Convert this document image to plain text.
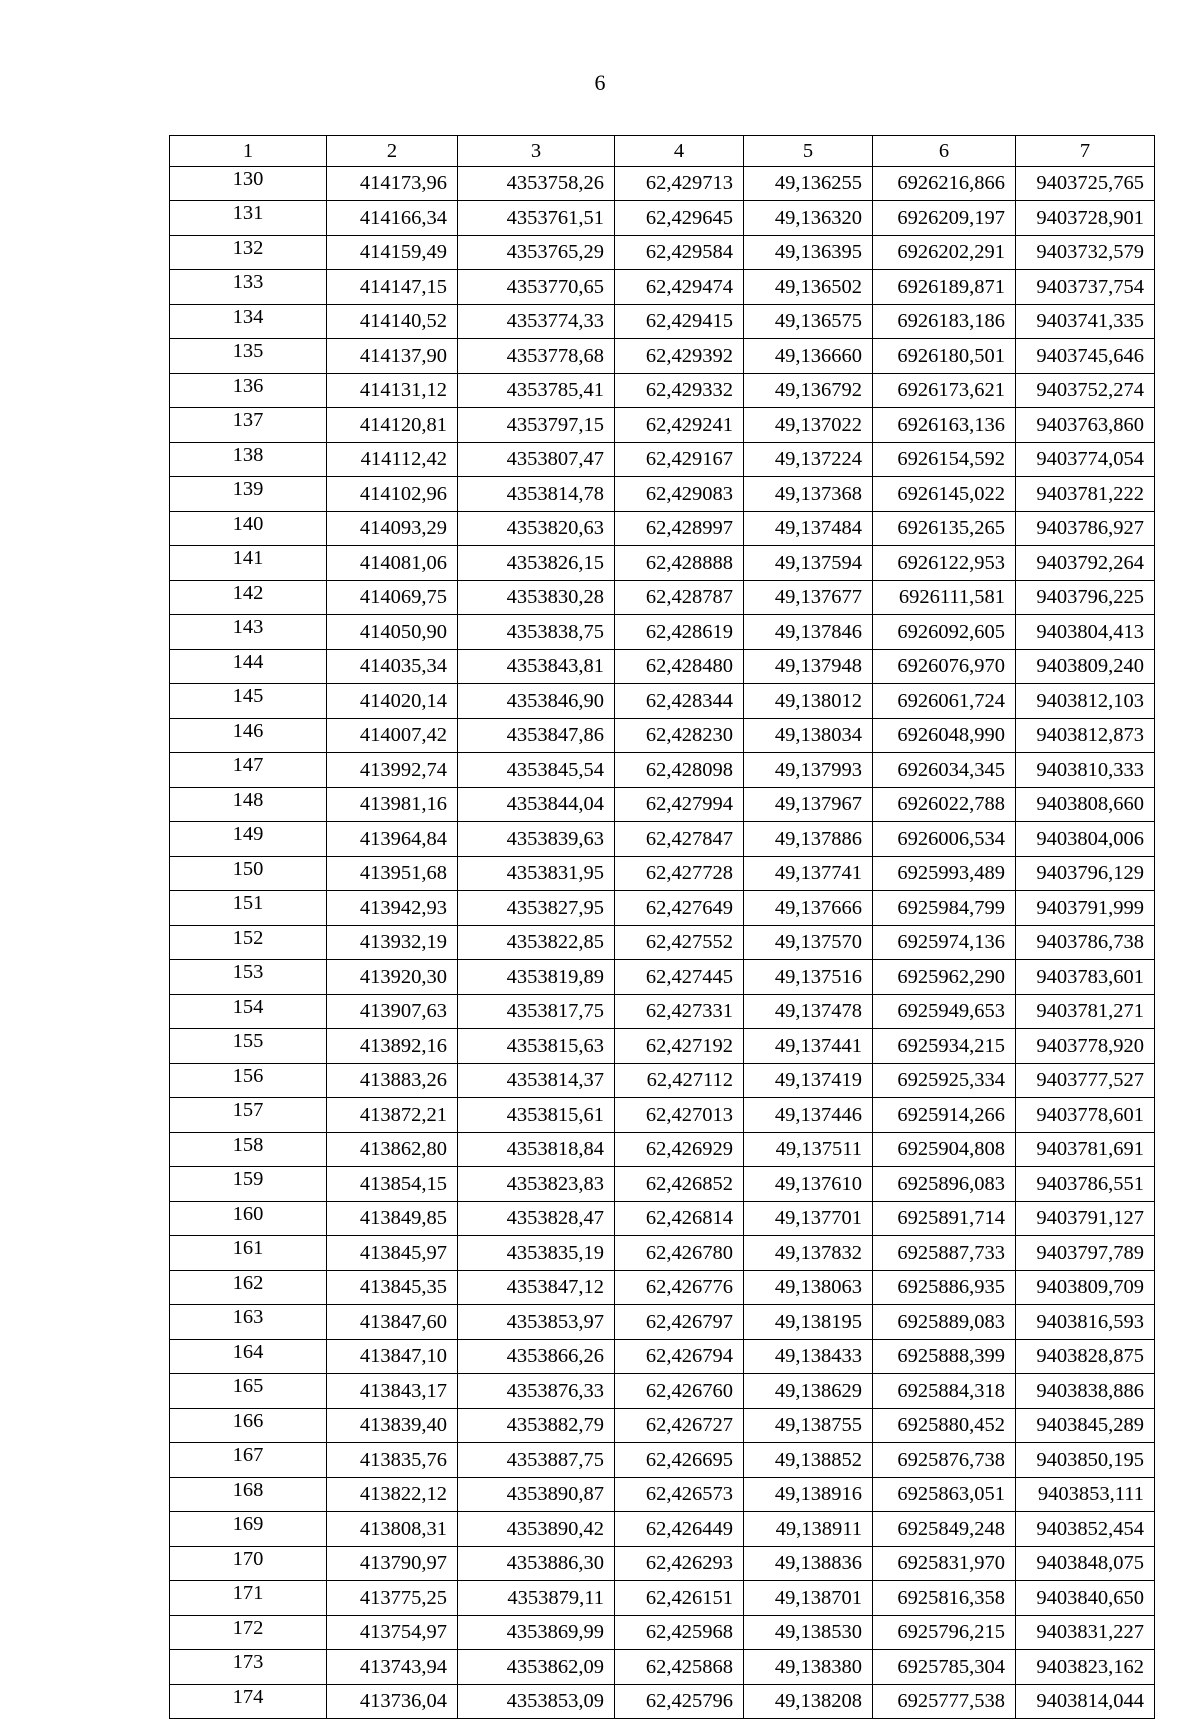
6
1	2	3	4	5	6	7
130	414173,96	4353758,26	62,429713	49,136255	6926216,866	9403725,765
131	414166,34	4353761,51	62,429645	49,136320	6926209,197	9403728,901
132	414159,49	4353765,29	62,429584	49,136395	6926202,291	9403732,579
133	414147,15	4353770,65	62,429474	49,136502	6926189,871	9403737,754
134	414140,52	4353774,33	62,429415	49,136575	6926183,186	9403741,335
135	414137,90	4353778,68	62,429392	49,136660	6926180,501	9403745,646
136	414131,12	4353785,41	62,429332	49,136792	6926173,621	9403752,274
137	414120,81	4353797,15	62,429241	49,137022	6926163,136	9403763,860
138	414112,42	4353807,47	62,429167	49,137224	6926154,592	9403774,054
139	414102,96	4353814,78	62,429083	49,137368	6926145,022	9403781,222
140	414093,29	4353820,63	62,428997	49,137484	6926135,265	9403786,927
141	414081,06	4353826,15	62,428888	49,137594	6926122,953	9403792,264
142	414069,75	4353830,28	62,428787	49,137677	6926111,581	9403796,225
143	414050,90	4353838,75	62,428619	49,137846	6926092,605	9403804,413
144	414035,34	4353843,81	62,428480	49,137948	6926076,970	9403809,240
145	414020,14	4353846,90	62,428344	49,138012	6926061,724	9403812,103
146	414007,42	4353847,86	62,428230	49,138034	6926048,990	9403812,873
147	413992,74	4353845,54	62,428098	49,137993	6926034,345	9403810,333
148	413981,16	4353844,04	62,427994	49,137967	6926022,788	9403808,660
149	413964,84	4353839,63	62,427847	49,137886	6926006,534	9403804,006
150	413951,68	4353831,95	62,427728	49,137741	6925993,489	9403796,129
151	413942,93	4353827,95	62,427649	49,137666	6925984,799	9403791,999
152	413932,19	4353822,85	62,427552	49,137570	6925974,136	9403786,738
153	413920,30	4353819,89	62,427445	49,137516	6925962,290	9403783,601
154	413907,63	4353817,75	62,427331	49,137478	6925949,653	9403781,271
155	413892,16	4353815,63	62,427192	49,137441	6925934,215	9403778,920
156	413883,26	4353814,37	62,427112	49,137419	6925925,334	9403777,527
157	413872,21	4353815,61	62,427013	49,137446	6925914,266	9403778,601
158	413862,80	4353818,84	62,426929	49,137511	6925904,808	9403781,691
159	413854,15	4353823,83	62,426852	49,137610	6925896,083	9403786,551
160	413849,85	4353828,47	62,426814	49,137701	6925891,714	9403791,127
161	413845,97	4353835,19	62,426780	49,137832	6925887,733	9403797,789
162	413845,35	4353847,12	62,426776	49,138063	6925886,935	9403809,709
163	413847,60	4353853,97	62,426797	49,138195	6925889,083	9403816,593
164	413847,10	4353866,26	62,426794	49,138433	6925888,399	9403828,875
165	413843,17	4353876,33	62,426760	49,138629	6925884,318	9403838,886
166	413839,40	4353882,79	62,426727	49,138755	6925880,452	9403845,289
167	413835,76	4353887,75	62,426695	49,138852	6925876,738	9403850,195
168	413822,12	4353890,87	62,426573	49,138916	6925863,051	9403853,111
169	413808,31	4353890,42	62,426449	49,138911	6925849,248	9403852,454
170	413790,97	4353886,30	62,426293	49,138836	6925831,970	9403848,075
171	413775,25	4353879,11	62,426151	49,138701	6925816,358	9403840,650
172	413754,97	4353869,99	62,425968	49,138530	6925796,215	9403831,227
173	413743,94	4353862,09	62,425868	49,138380	6925785,304	9403823,162
174	413736,04	4353853,09	62,425796	49,138208	6925777,538	9403814,044
